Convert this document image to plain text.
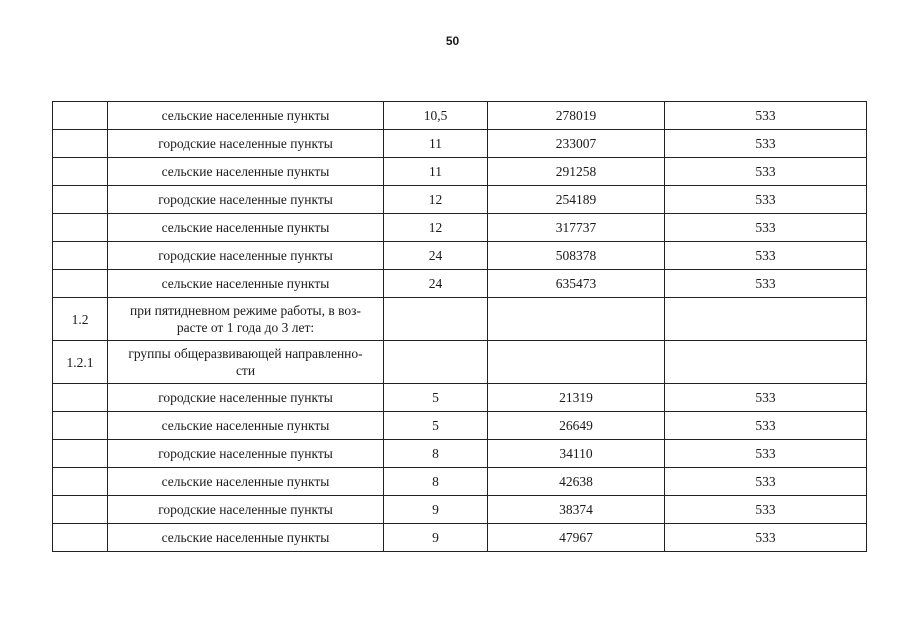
50
	сельские населенные пункты	10,5	278019	533
	городские населенные пункты	11	233007	533
	сельские населенные пункты	11	291258	533
	городские населенные пункты	12	254189	533
	сельские населенные пункты	12	317737	533
	городские населенные пункты	24	508378	533
	сельские населенные пункты	24	635473	533
1.2	при пятидневном режиме работы, в воз-
расте от 1 года до 3 лет:			
1.2.1	группы общеразвивающей направленно-
сти			
	городские населенные пункты	5	21319	533
	сельские населенные пункты	5	26649	533
	городские населенные пункты	8	34110	533
	сельские населенные пункты	8	42638	533
	городские населенные пункты	9	38374	533
	сельские населенные пункты	9	47967	533
